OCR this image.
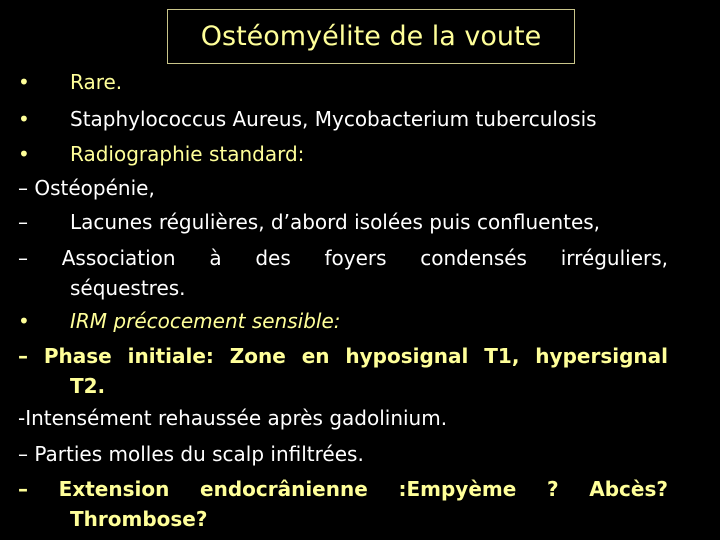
Ostéomyélite de la voute
• Rare.
• Staphylococcus Aureus, Mycobacterium tuberculosis
• Radiographie standard:
– Ostéopénie,
– Lacunes régulières, d’abord isolées puis confluentes,
– Association à des foyers condensés irréguliers,
séquestres.
• IRM précocement sensible:
– Phase initiale: Zone en hyposignal T1, hypersignal
T2.
-Intensément rehaussée après gadolinium.
– Parties molles du scalp infiltrées.
– Extension endocrânienne :Empyème ? Abcès?
Thrombose?
